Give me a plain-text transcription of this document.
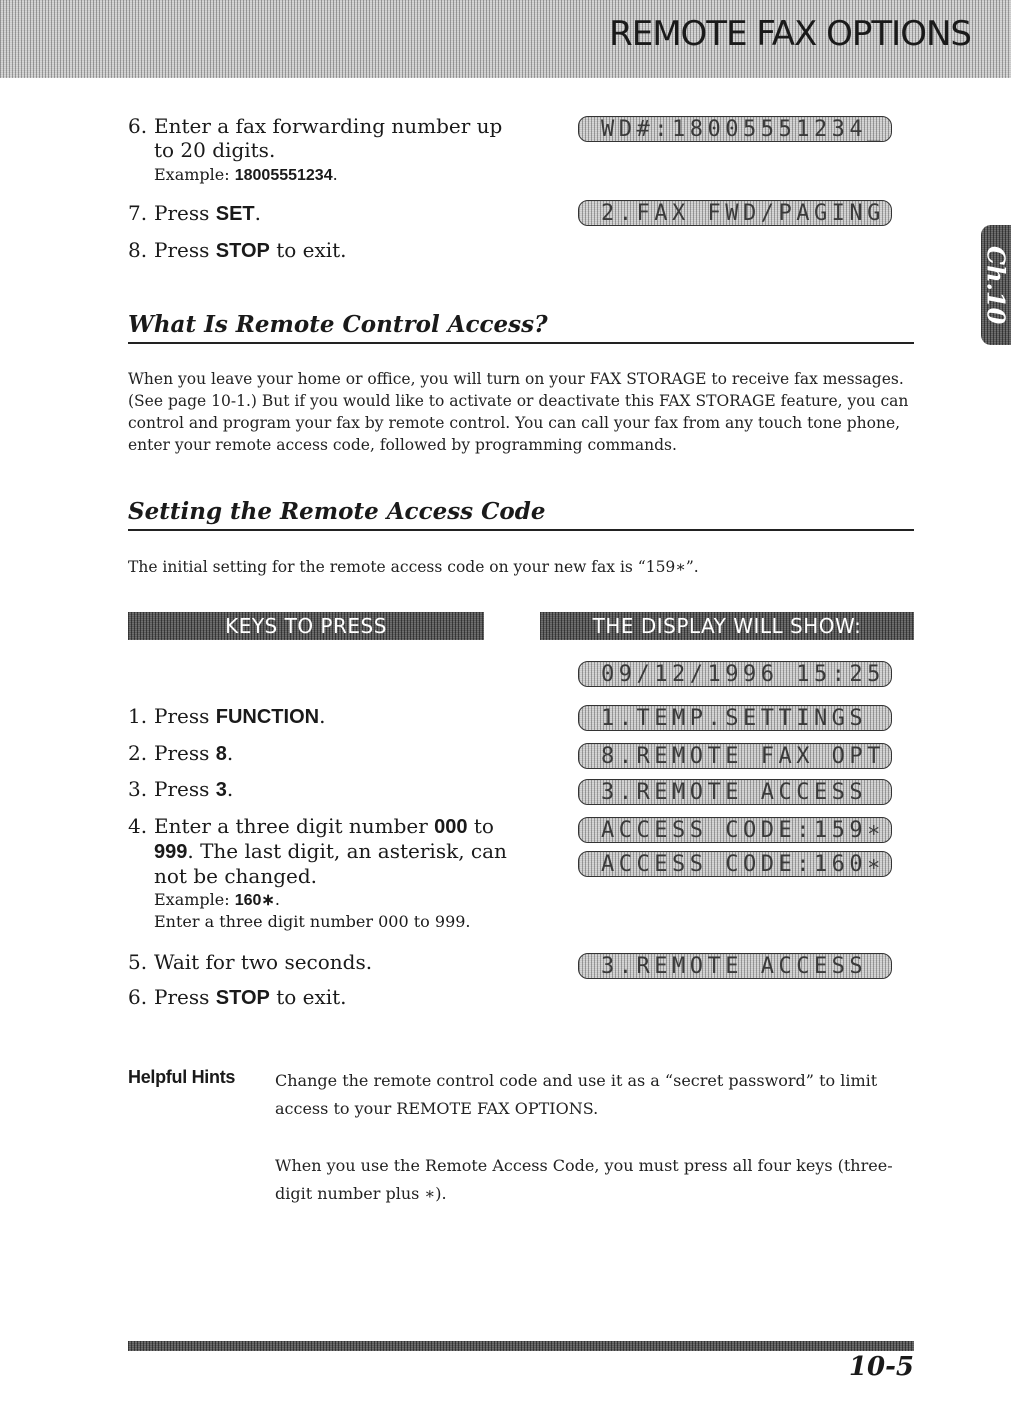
REMOTE FAX OPTIONS
Ch.10
6. Enter a fax forwarding number up
to 20 digits.
Example: 18005551234.
7. Press SET.
8. Press STOP to exit.
WD#:18005551234_
2.FAX FWD/PAGING
What Is Remote Control Access?
When you leave your home or office, you will turn on your FAX STORAGE to receive fax messages. (See page 10-1.) But if you would like to activate or deactivate this FAX STORAGE feature, you can control and program your fax by remote control. You can call your fax from any touch tone phone, enter your remote access code, followed by programming commands.
Setting the Remote Access Code
The initial setting for the remote access code on your new fax is “159∗”.
KEYS TO PRESS	THE DISPLAY WILL SHOW:
1. Press FUNCTION.
2. Press 8.
3. Press 3.
4. Enter a three digit number 000 to
999. The last digit, an asterisk, can
not be changed.
Example: 160∗.
Enter a three digit number 000 to 999.
5. Wait for two seconds.
6. Press STOP to exit.
09/12/1996 15:25
1.TEMP.SETTINGS
8.REMOTE FAX OPT
3.REMOTE ACCESS
ACCESS CODE:159∗
ACCESS CODE:160∗
3.REMOTE ACCESS
Helpful Hints Change the remote control code and use it as a “secret password” to limit access to your REMOTE FAX OPTIONS.
When you use the Remote Access Code, you must press all four keys (three-digit number plus ∗).
10-5
